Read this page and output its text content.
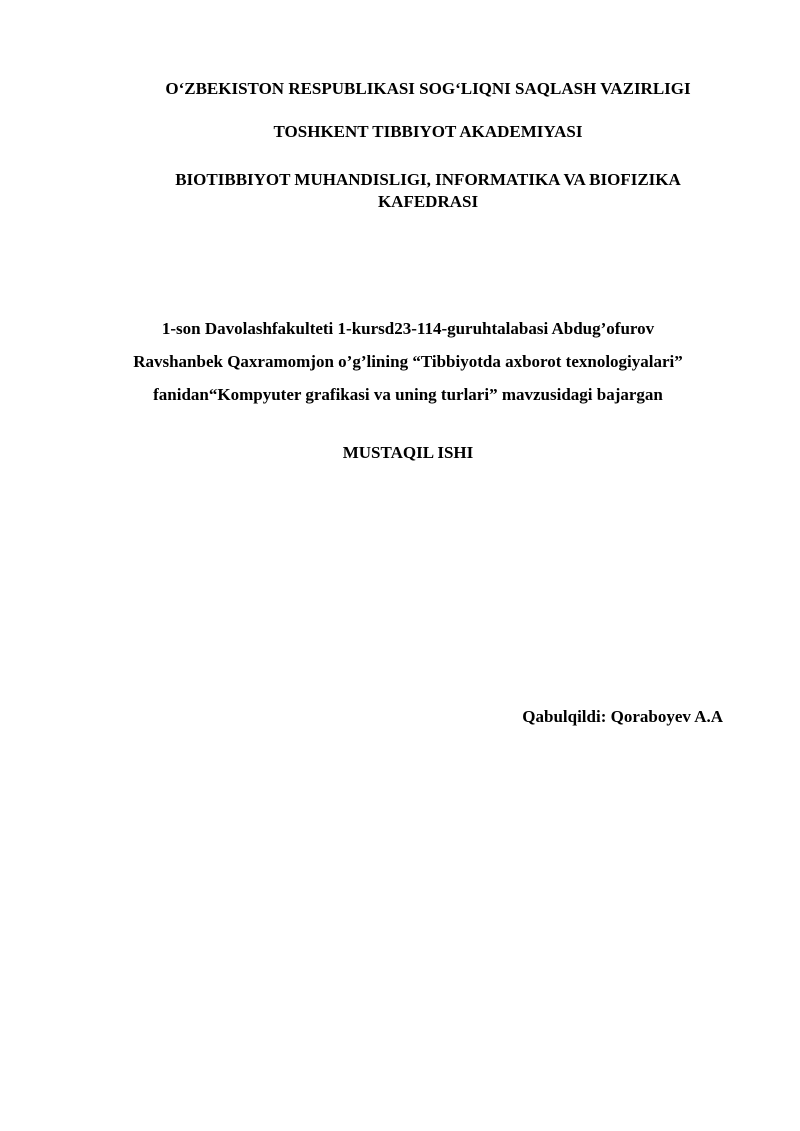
O‘ZBEKISTON RESPUBLIKASI SOG‘LIQNI SAQLASH VAZIRLIGI
TOSHKENT TIBBIYOT AKADEMIYASI
BIOTIBBIYOT MUHANDISLIGI, INFORMATIKA VA BIOFIZIKA
KAFEDRASI
1-son Davolashfakulteti 1-kursd23-114-guruhtalabasi Abdug’ofurov
Ravshanbek Qaxramomjon o’g’lining “Tibbiyotda axborot texnologiyalari”
fanidan“Kompyuter grafikasi va uning turlari” mavzusidagi bajargan
MUSTAQIL ISHI
Qabulqildi: Qoraboyev A.A
